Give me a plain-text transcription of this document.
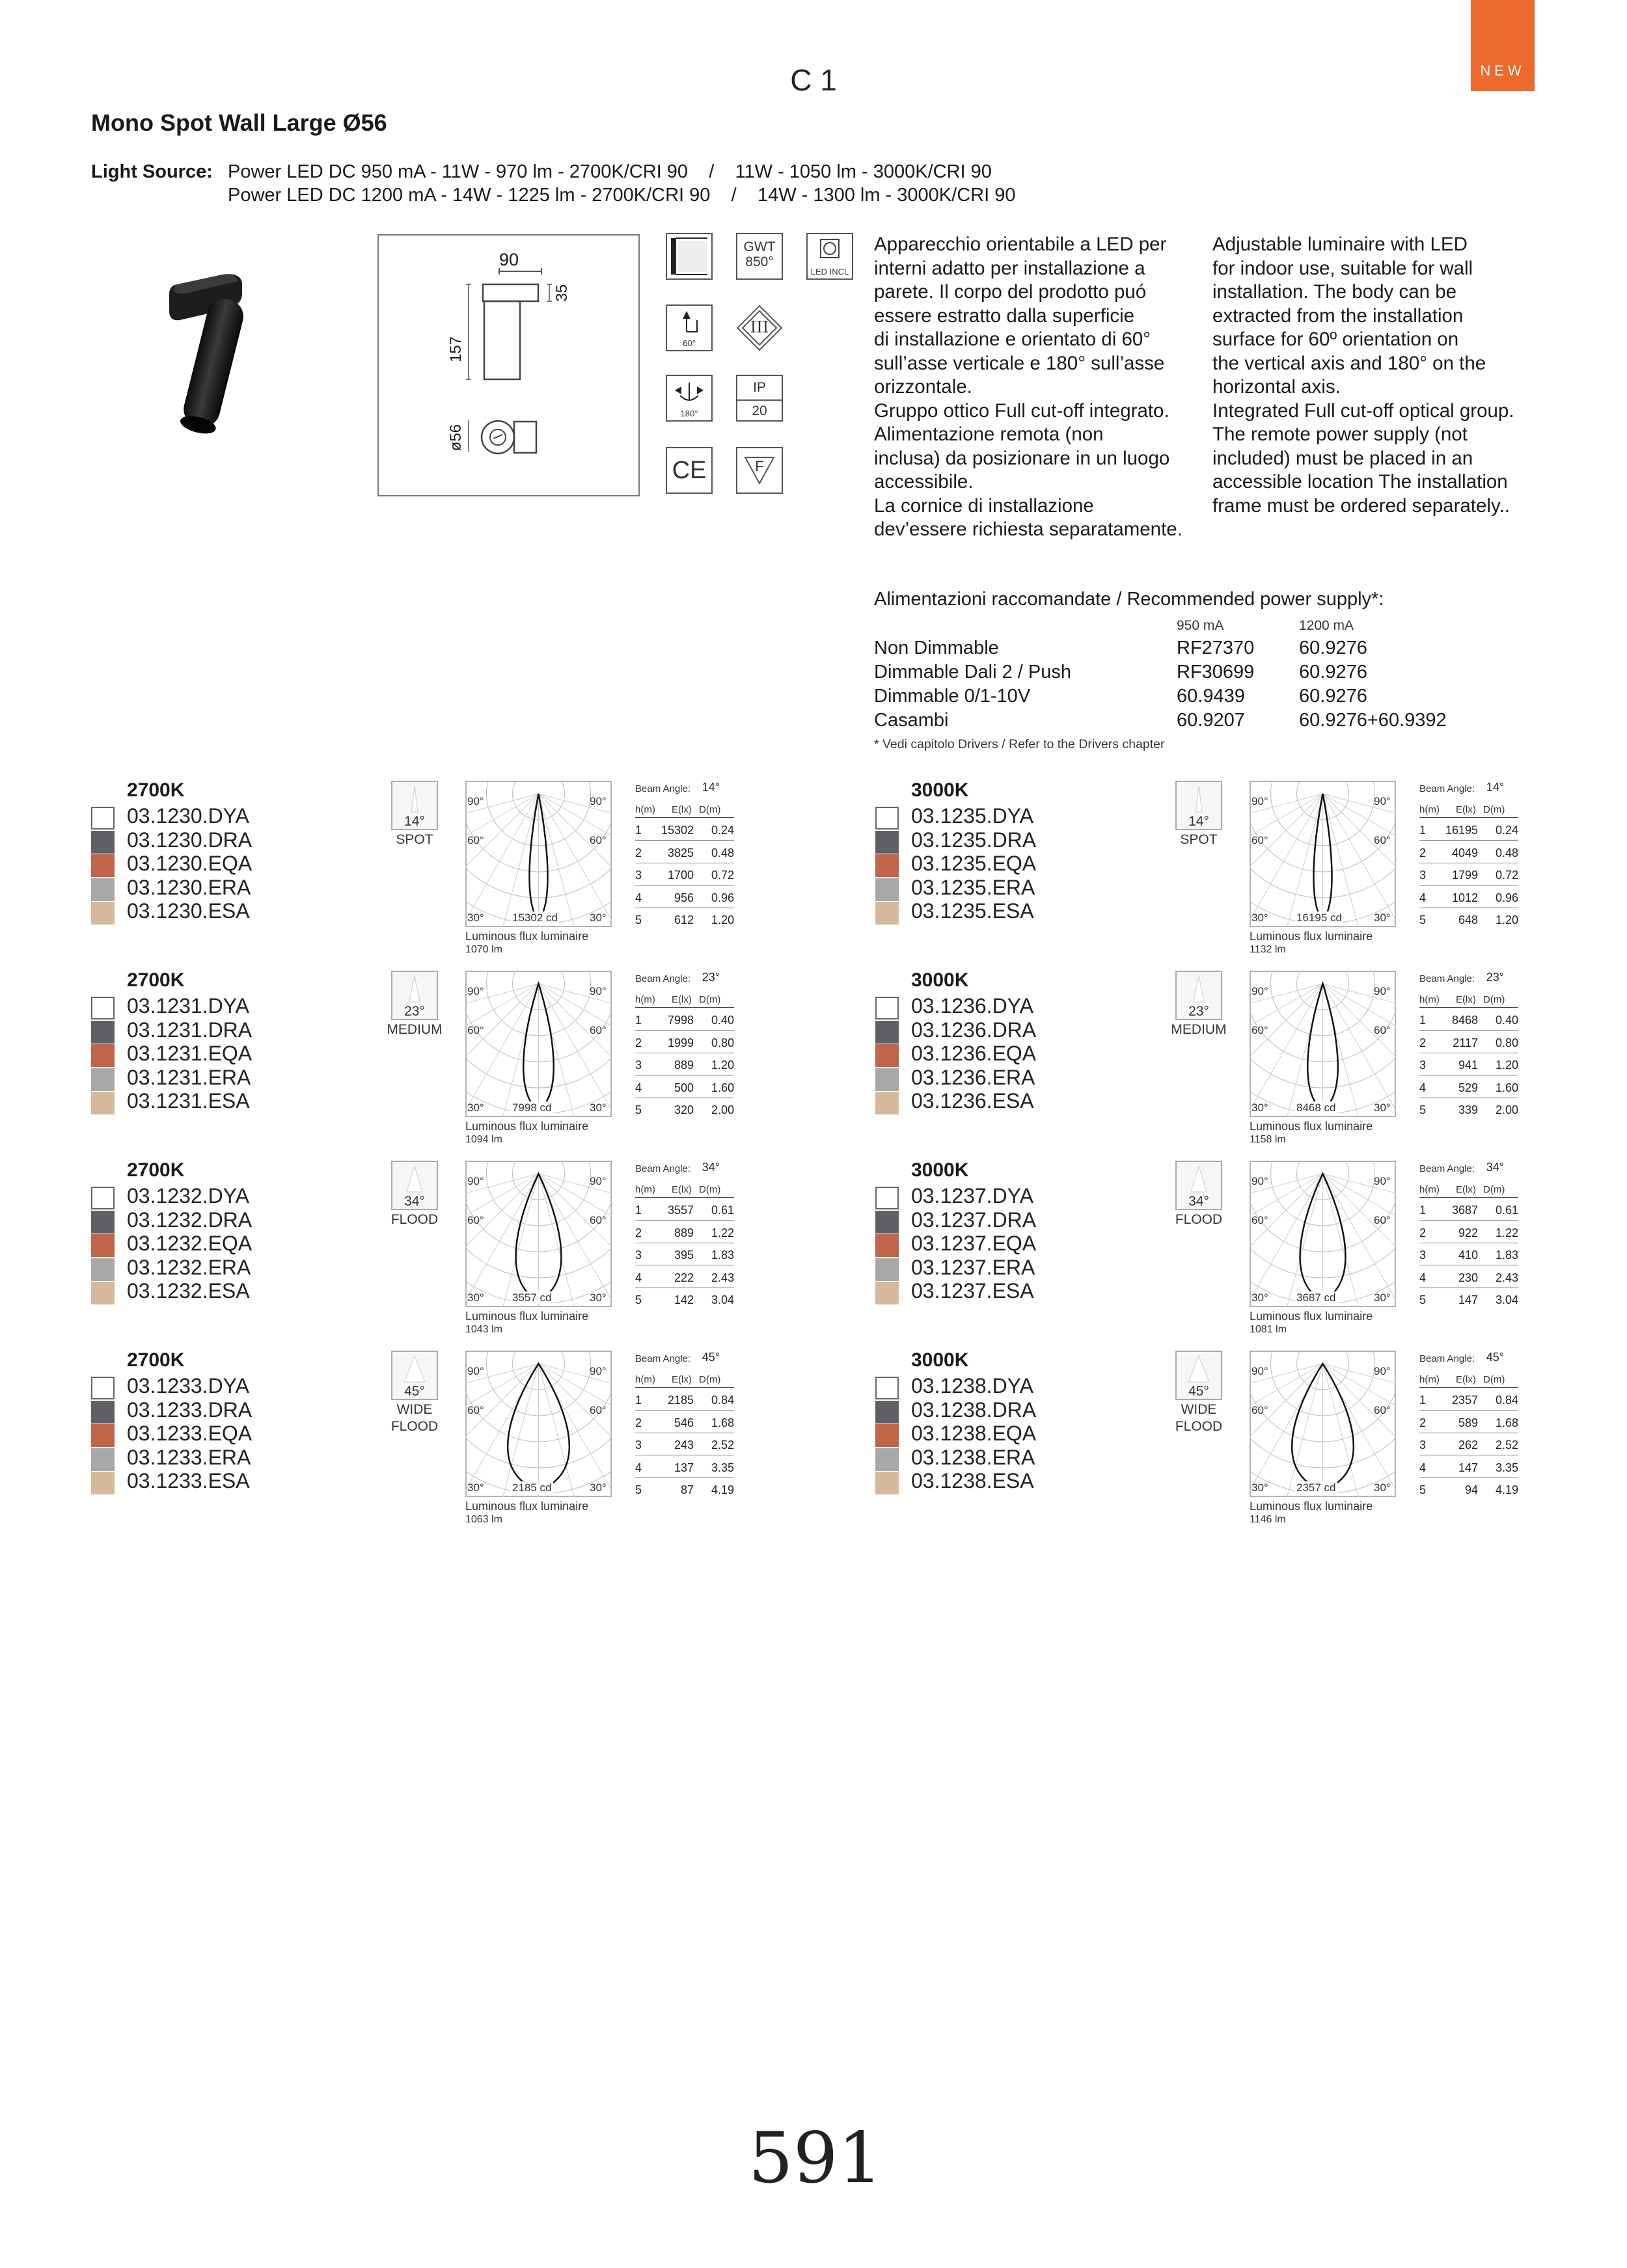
NEW
C 1
Mono Spot Wall Large Ø56
Light Source: Power LED DC 950 mA - 11W - 970 lm - 2700K/CRI 90    /    11W - 1050 lm - 3000K/CRI 90
Power LED DC 1200 mA - 14W - 1225 lm - 2700K/CRI 90    /    14W - 1300 lm - 3000K/CRI 90
90
35
157
ø56
GWT
850°
LED INCL
60°
III
180°
IP
20
CE	F
Apparecchio orientabile a LED per
interni adatto per installazione a
parete. Il corpo del prodotto puó
essere estratto dalla superficie
di installazione e orientato di 60°
sull’asse verticale e 180° sull’asse
orizzontale.
Gruppo ottico Full cut-off integrato.
Alimentazione remota (non
inclusa) da posizionare in un luogo
accessibile.
La cornice di installazione
dev’essere richiesta separatamente.
Adjustable luminaire with LED
for indoor use, suitable for wall
installation. The body can be
extracted from the installation
surface for 60º orientation on
the vertical axis and 180° on the
horizontal axis.
Integrated Full cut-off optical group.
The remote power supply (not
included) must be placed in an
accessible location The installation
frame must be ordered separately..
Alimentazioni raccomandate / Recommended power supply*:
950 mA	1200 mA
Non Dimmable	RF27370 60.9276
Dimmable Dali 2 / Push	RF30699 60.9276
Dimmable 0/1-10V	60.9439	60.9276
Casambi	60.9207	60.9276+60.9392
* Vedi capitolo Drivers / Refer to the Drivers chapter
2700K
03.1230.DYA
03.1230.DRA
03.1230.EQA
03.1230.ERA
03.1230.ESA
14°
SPOT
90°	90°
60°	60°
30°	30°
15302 cd
Luminous flux luminaire
1070 lm
Beam Angle: 14°
h(m) E(lx) D(m)
1	15302	0.24
2	3825	0.48
3	1700	0.72
4	956	0.96
5	612	1.20
3000K
03.1235.DYA
03.1235.DRA
03.1235.EQA
03.1235.ERA
03.1235.ESA
14°
SPOT
90°	90°
60°	60°
30°	30°
16195 cd
Luminous flux luminaire
1132 lm
Beam Angle: 14°
h(m) E(lx) D(m)
1	16195	0.24
2	4049	0.48
3	1799	0.72
4	1012	0.96
5	648	1.20
2700K
03.1231.DYA
03.1231.DRA
03.1231.EQA
03.1231.ERA
03.1231.ESA
23°
MEDIUM
90°	90°
60°	60°
30°	30°
7998 cd
Luminous flux luminaire
1094 lm
Beam Angle: 23°
h(m) E(lx) D(m)
1	7998	0.40
2	1999	0.80
3	889	1.20
4	500	1.60
5	320	2.00
3000K
03.1236.DYA
03.1236.DRA
03.1236.EQA
03.1236.ERA
03.1236.ESA
23°
MEDIUM
90°	90°
60°	60°
30°	30°
8468 cd
Luminous flux luminaire
1158 lm
Beam Angle: 23°
h(m) E(lx) D(m)
1	8468	0.40
2	2117	0.80
3	941	1.20
4	529	1.60
5	339	2.00
2700K
03.1232.DYA
03.1232.DRA
03.1232.EQA
03.1232.ERA
03.1232.ESA
34°
FLOOD
90°	90°
60°	60°
30°	30°
3557 cd
Luminous flux luminaire
1043 lm
Beam Angle: 34°
h(m) E(lx) D(m)
1	3557	0.61
2	889	1.22
3	395	1.83
4	222	2.43
5	142	3.04
3000K
03.1237.DYA
03.1237.DRA
03.1237.EQA
03.1237.ERA
03.1237.ESA
34°
FLOOD
90°	90°
60°	60°
30°	30°
3687 cd
Luminous flux luminaire
1081 lm
Beam Angle: 34°
h(m) E(lx) D(m)
1	3687	0.61
2	922	1.22
3	410	1.83
4	230	2.43
5	147	3.04
2700K
03.1233.DYA
03.1233.DRA
03.1233.EQA
03.1233.ERA
03.1233.ESA
45°
WIDE
FLOOD
90°	90°
60°	60°
30°	30°
2185 cd
Luminous flux luminaire
1063 lm
Beam Angle: 45°
h(m) E(lx) D(m)
1	2185	0.84
2	546	1.68
3	243	2.52
4	137	3.35
5	87	4.19
3000K
03.1238.DYA
03.1238.DRA
03.1238.EQA
03.1238.ERA
03.1238.ESA
45°
WIDE
FLOOD
90°	90°
60°	60°
30°	30°
2357 cd
Luminous flux luminaire
1146 lm
Beam Angle: 45°
h(m) E(lx) D(m)
1	2357	0.84
2	589	1.68
3	262	2.52
4	147	3.35
5	94	4.19
591
